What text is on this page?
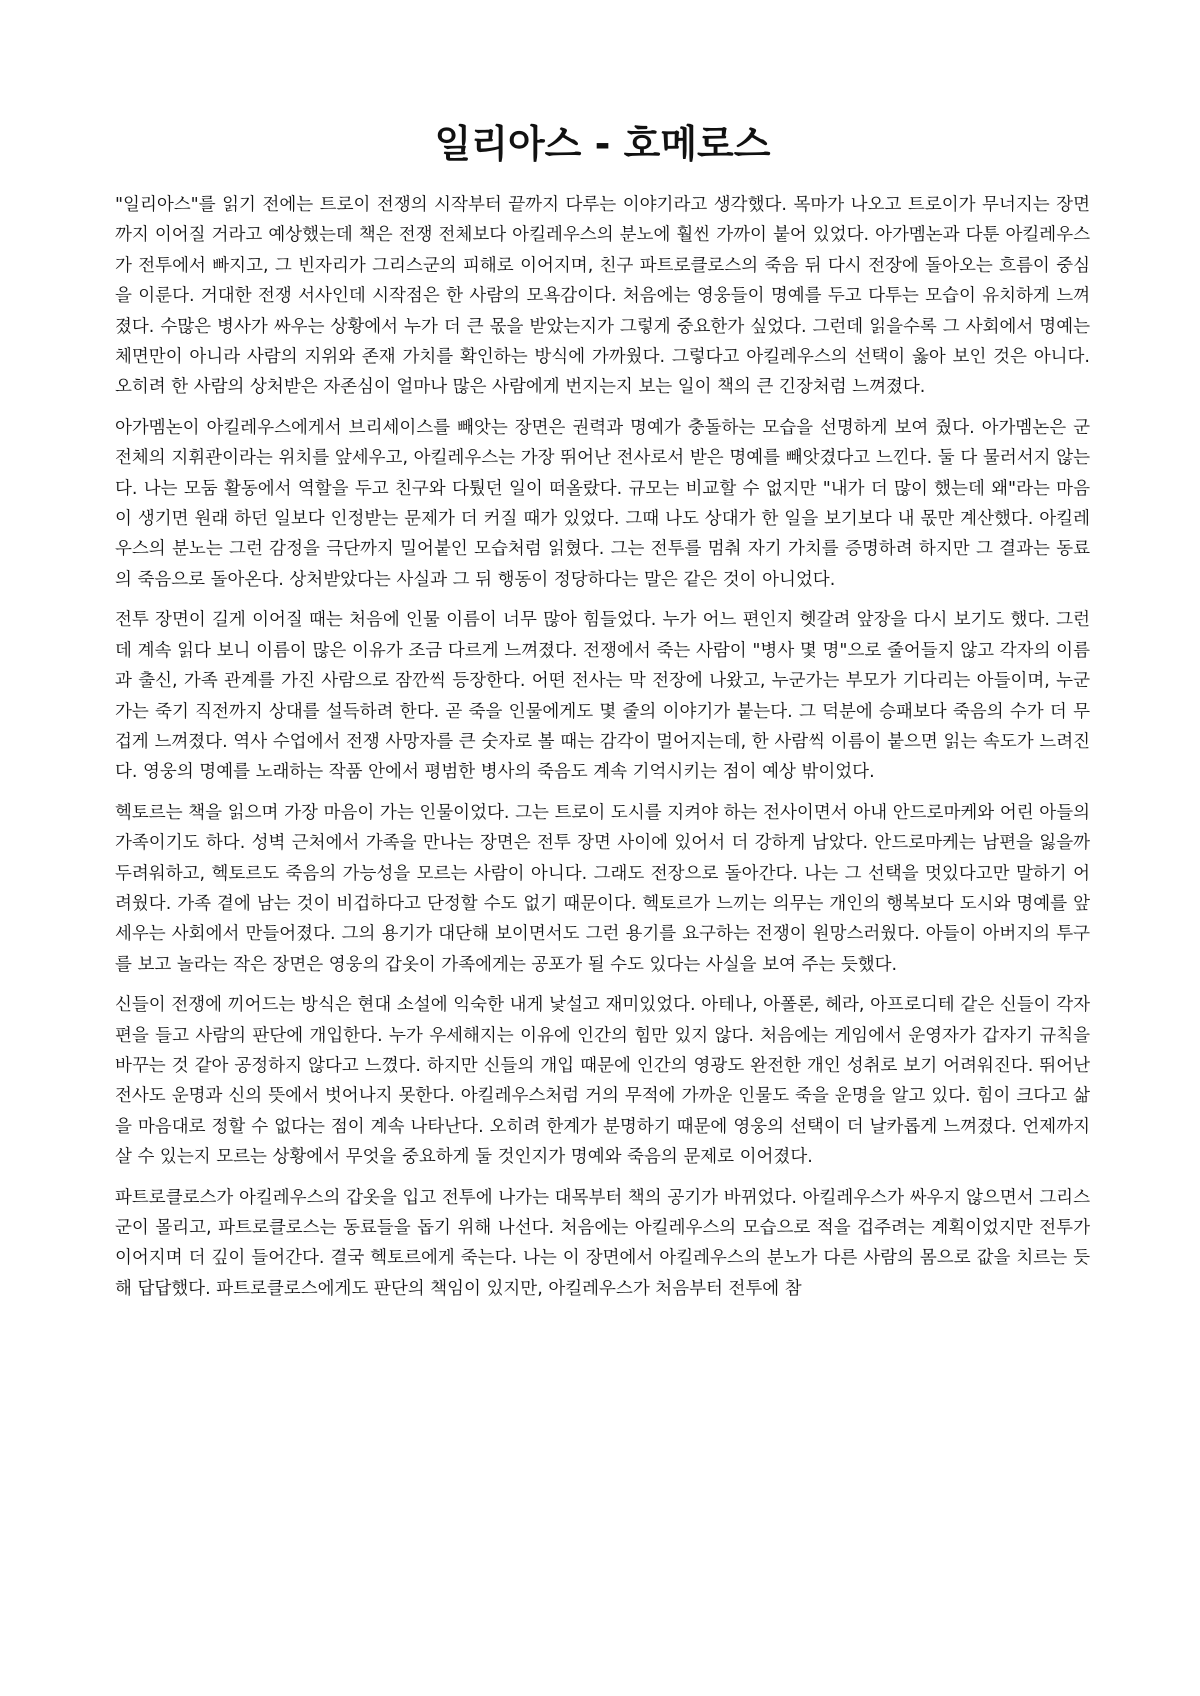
일리아스 - 호메로스

"일리아스"를 읽기 전에는 트로이 전쟁의 시작부터 끝까지 다루는 이야기라고 생각했다. 목마가 나오고 트로이가 무너지는 장면까지 이어질 거라고 예상했는데 책은 전쟁 전체보다 아킬레우스의 분노에 훨씬 가까이 붙어 있었다. 아가멤논과 다툰 아킬레우스가 전투에서 빠지고, 그 빈자리가 그리스군의 피해로 이어지며, 친구 파트로클로스의 죽음 뒤 다시 전장에 돌아오는 흐름이 중심을 이룬다. 거대한 전쟁 서사인데 시작점은 한 사람의 모욕감이다. 처음에는 영웅들이 명예를 두고 다투는 모습이 유치하게 느껴졌다. 수많은 병사가 싸우는 상황에서 누가 더 큰 몫을 받았는지가 그렇게 중요한가 싶었다. 그런데 읽을수록 그 사회에서 명예는 체면만이 아니라 사람의 지위와 존재 가치를 확인하는 방식에 가까웠다. 그렇다고 아킬레우스의 선택이 옳아 보인 것은 아니다. 오히려 한 사람의 상처받은 자존심이 얼마나 많은 사람에게 번지는지 보는 일이 책의 큰 긴장처럼 느껴졌다.

아가멤논이 아킬레우스에게서 브리세이스를 빼앗는 장면은 권력과 명예가 충돌하는 모습을 선명하게 보여 줬다. 아가멤논은 군 전체의 지휘관이라는 위치를 앞세우고, 아킬레우스는 가장 뛰어난 전사로서 받은 명예를 빼앗겼다고 느낀다. 둘 다 물러서지 않는다. 나는 모둠 활동에서 역할을 두고 친구와 다퉜던 일이 떠올랐다. 규모는 비교할 수 없지만 "내가 더 많이 했는데 왜"라는 마음이 생기면 원래 하던 일보다 인정받는 문제가 더 커질 때가 있었다. 그때 나도 상대가 한 일을 보기보다 내 몫만 계산했다. 아킬레우스의 분노는 그런 감정을 극단까지 밀어붙인 모습처럼 읽혔다. 그는 전투를 멈춰 자기 가치를 증명하려 하지만 그 결과는 동료의 죽음으로 돌아온다. 상처받았다는 사실과 그 뒤 행동이 정당하다는 말은 같은 것이 아니었다.

전투 장면이 길게 이어질 때는 처음에 인물 이름이 너무 많아 힘들었다. 누가 어느 편인지 헷갈려 앞장을 다시 보기도 했다. 그런데 계속 읽다 보니 이름이 많은 이유가 조금 다르게 느껴졌다. 전쟁에서 죽는 사람이 "병사 몇 명"으로 줄어들지 않고 각자의 이름과 출신, 가족 관계를 가진 사람으로 잠깐씩 등장한다. 어떤 전사는 막 전장에 나왔고, 누군가는 부모가 기다리는 아들이며, 누군가는 죽기 직전까지 상대를 설득하려 한다. 곧 죽을 인물에게도 몇 줄의 이야기가 붙는다. 그 덕분에 승패보다 죽음의 수가 더 무겁게 느껴졌다. 역사 수업에서 전쟁 사망자를 큰 숫자로 볼 때는 감각이 멀어지는데, 한 사람씩 이름이 붙으면 읽는 속도가 느려진다. 영웅의 명예를 노래하는 작품 안에서 평범한 병사의 죽음도 계속 기억시키는 점이 예상 밖이었다.

헥토르는 책을 읽으며 가장 마음이 가는 인물이었다. 그는 트로이 도시를 지켜야 하는 전사이면서 아내 안드로마케와 어린 아들의 가족이기도 하다. 성벽 근처에서 가족을 만나는 장면은 전투 장면 사이에 있어서 더 강하게 남았다. 안드로마케는 남편을 잃을까 두려워하고, 헥토르도 죽음의 가능성을 모르는 사람이 아니다. 그래도 전장으로 돌아간다. 나는 그 선택을 멋있다고만 말하기 어려웠다. 가족 곁에 남는 것이 비겁하다고 단정할 수도 없기 때문이다. 헥토르가 느끼는 의무는 개인의 행복보다 도시와 명예를 앞세우는 사회에서 만들어졌다. 그의 용기가 대단해 보이면서도 그런 용기를 요구하는 전쟁이 원망스러웠다. 아들이 아버지의 투구를 보고 놀라는 작은 장면은 영웅의 갑옷이 가족에게는 공포가 될 수도 있다는 사실을 보여 주는 듯했다.

신들이 전쟁에 끼어드는 방식은 현대 소설에 익숙한 내게 낯설고 재미있었다. 아테나, 아폴론, 헤라, 아프로디테 같은 신들이 각자 편을 들고 사람의 판단에 개입한다. 누가 우세해지는 이유에 인간의 힘만 있지 않다. 처음에는 게임에서 운영자가 갑자기 규칙을 바꾸는 것 같아 공정하지 않다고 느꼈다. 하지만 신들의 개입 때문에 인간의 영광도 완전한 개인 성취로 보기 어려워진다. 뛰어난 전사도 운명과 신의 뜻에서 벗어나지 못한다. 아킬레우스처럼 거의 무적에 가까운 인물도 죽을 운명을 알고 있다. 힘이 크다고 삶을 마음대로 정할 수 없다는 점이 계속 나타난다. 오히려 한계가 분명하기 때문에 영웅의 선택이 더 날카롭게 느껴졌다. 언제까지 살 수 있는지 모르는 상황에서 무엇을 중요하게 둘 것인지가 명예와 죽음의 문제로 이어졌다.

파트로클로스가 아킬레우스의 갑옷을 입고 전투에 나가는 대목부터 책의 공기가 바뀌었다. 아킬레우스가 싸우지 않으면서 그리스군이 몰리고, 파트로클로스는 동료들을 돕기 위해 나선다. 처음에는 아킬레우스의 모습으로 적을 겁주려는 계획이었지만 전투가 이어지며 더 깊이 들어간다. 결국 헥토르에게 죽는다. 나는 이 장면에서 아킬레우스의 분노가 다른 사람의 몸으로 값을 치르는 듯해 답답했다. 파트로클로스에게도 판단의 책임이 있지만, 아킬레우스가 처음부터 전투에 참
